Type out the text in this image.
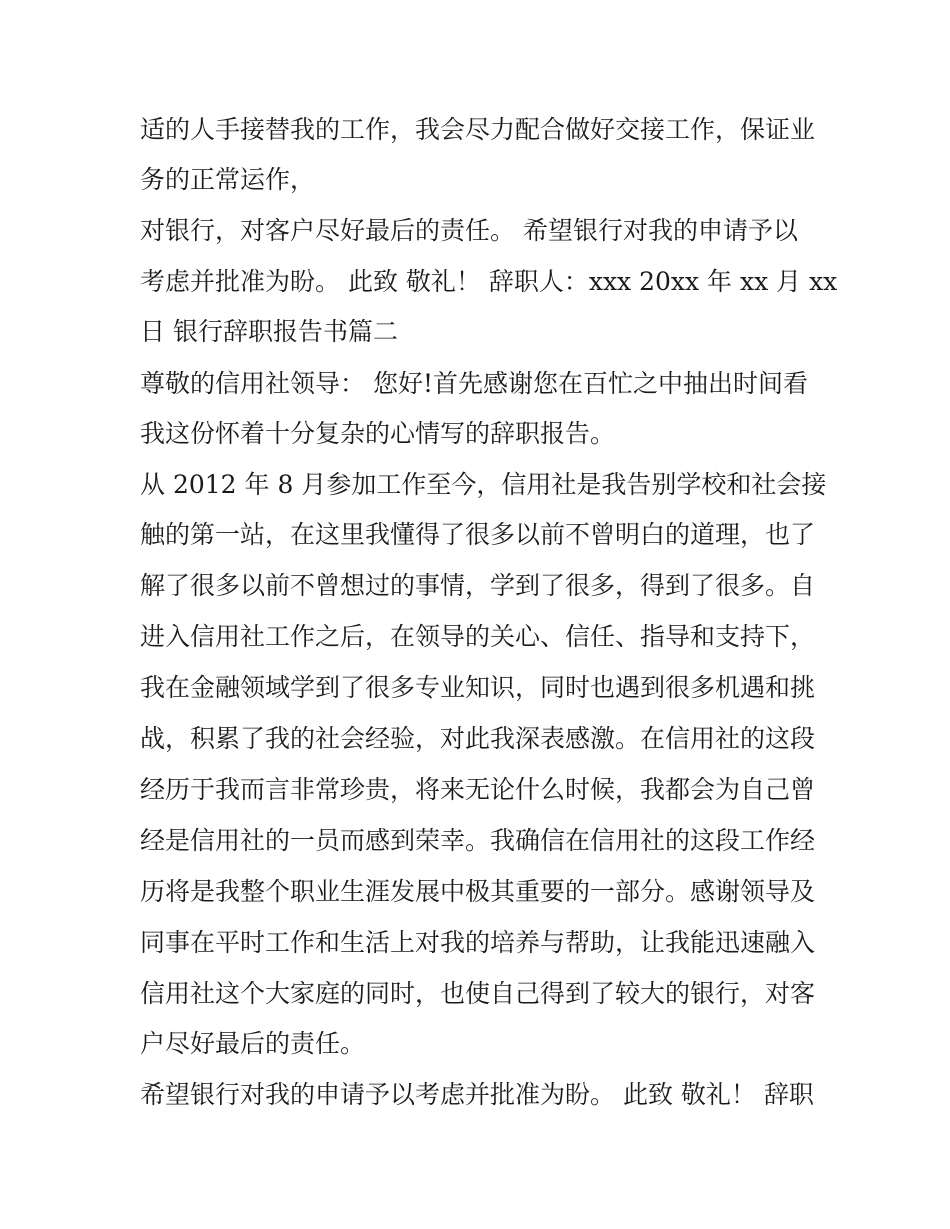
适的人手接替我的工作，我会尽力配合做好交接工作，保证业
务的正常运作，
对银行，对客户尽好最后的责任。 希望银行对我的申请予以
考虑并批准为盼。 此致 敬礼！ 辞职人：xxx 20xx 年 xx 月 xx
日 银行辞职报告书篇二
尊敬的信用社领导： 您好!首先感谢您在百忙之中抽出时间看
我这份怀着十分复杂的心情写的辞职报告。
从 2012 年 8 月参加工作至今，信用社是我告别学校和社会接
触的第一站，在这里我懂得了很多以前不曾明白的道理，也了
解了很多以前不曾想过的事情，学到了很多，得到了很多。自
进入信用社工作之后，在领导的关心、信任、指导和支持下，
我在金融领域学到了很多专业知识，同时也遇到很多机遇和挑
战，积累了我的社会经验，对此我深表感激。在信用社的这段
经历于我而言非常珍贵，将来无论什么时候，我都会为自己曾
经是信用社的一员而感到荣幸。我确信在信用社的这段工作经
历将是我整个职业生涯发展中极其重要的一部分。感谢领导及
同事在平时工作和生活上对我的培养与帮助，让我能迅速融入
信用社这个大家庭的同时，也使自己得到了较大的银行，对客
户尽好最后的责任。
希望银行对我的申请予以考虑并批准为盼。 此致 敬礼！ 辞职
